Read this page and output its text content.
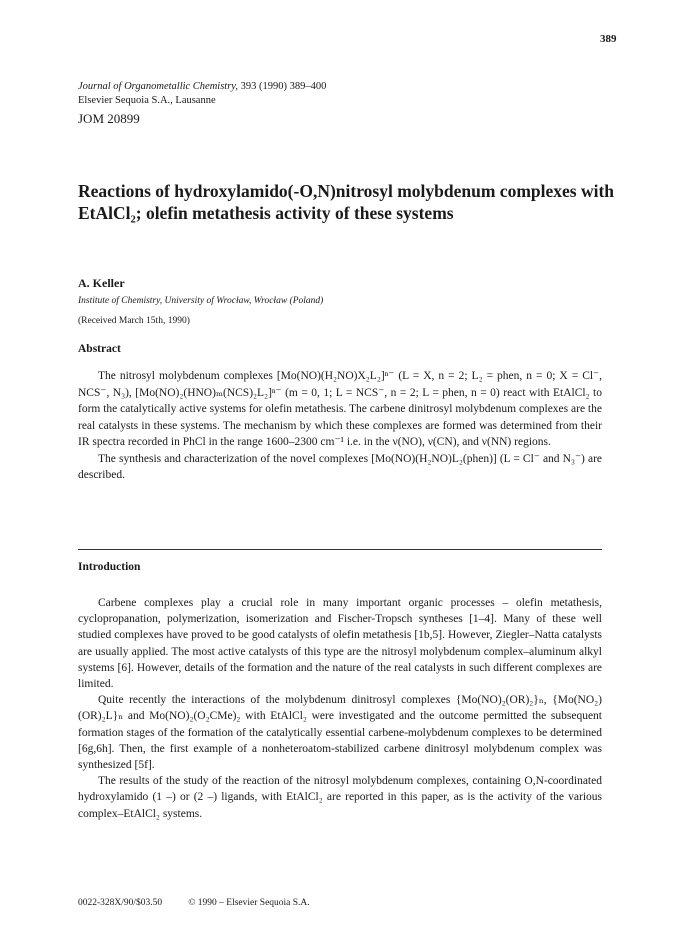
389
Journal of Organometallic Chemistry, 393 (1990) 389–400
Elsevier Sequoia S.A., Lausanne
JOM 20899
Reactions of hydroxylamido(-O,N)nitrosyl molybdenum complexes with EtAlCl₂; olefin metathesis activity of these systems
A. Keller
Institute of Chemistry, University of Wrocław, Wrocław (Poland)
(Received March 15th, 1990)
Abstract

The nitrosyl molybdenum complexes [Mo(NO)(H₂NO)X₂L₂]ⁿ⁻ (L = X, n = 2; L₂ = phen, n = 0; X = Cl⁻, NCS⁻, N₃), [Mo(NO)₂(HNO)ₘ(NCS)₂L₂]ⁿ⁻ (m = 0, 1; L = NCS⁻, n = 2; L = phen, n = 0) react with EtAlCl₂ to form the catalytically active systems for olefin metathesis. The carbene dinitrosyl molybdenum complexes are the real catalysts in these systems. The mechanism by which these complexes are formed was determined from their IR spectra recorded in PhCl in the range 1600–2300 cm⁻¹ i.e. in the ν(NO), ν(CN), and ν(NN) regions.

The synthesis and characterization of the novel complexes [Mo(NO)(H₂NO)L₂(phen)] (L = Cl⁻ and N₃⁻) are described.

Introduction

Carbene complexes play a crucial role in many important organic processes – olefin metathesis, cyclopropanation, polymerization, isomerization and Fischer-Tropsch syntheses [1–4]. Many of these well studied complexes have proved to be good catalysts of olefin metathesis [1b,5]. However, Ziegler–Natta catalysts are usually applied. The most active catalysts of this type are the nitrosyl molybdenum complex–aluminum alkyl systems [6]. However, details of the formation and the nature of the real catalysts in such different complexes are limited.

Quite recently the interactions of the molybdenum dinitrosyl complexes {Mo(NO)₂(OR)₂}ₙ, {Mo(NO₂)(OR)₂L}ₙ and Mo(NO)₂(O₂CMe)₂ with EtAlCl₂ were investigated and the outcome permitted the subsequent formation stages of the formation of the catalytically essential carbene-molybdenum complexes to be determined [6g,6h]. Then, the first example of a nonheteroatom-stabilized carbene dinitrosyl molybdenum complex was synthesized [5f].

The results of the study of the reaction of the nitrosyl molybdenum complexes, containing O,N-coordinated hydroxylamido (1 –) or (2 –) ligands, with EtAlCl₂ are reported in this paper, as is the activity of the various complex–EtAlCl₂ systems.

0022-328X/90/$03.50	© 1990 – Elsevier Sequoia S.A.
